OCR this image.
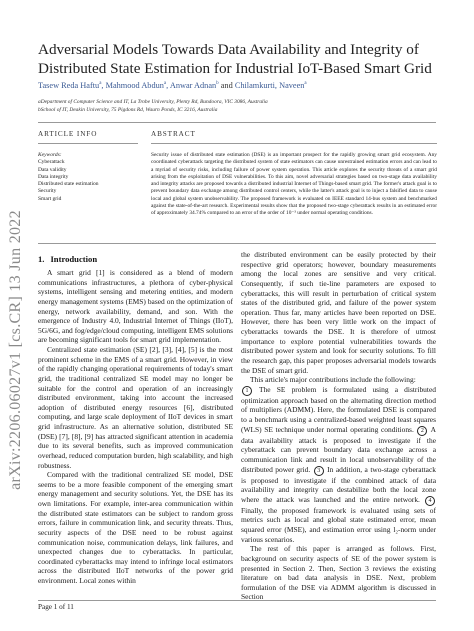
arXiv:2206.06027v1 [cs.CR] 13 Jun 2022
Adversarial Models Towards Data Availability and Integrity of Distributed State Estimation for Industrial IoT-Based Smart Grid
Tasew Reda Haftu$^a$, Mahmood Abdun$^a$, Anwar Adnan$^b$ and Chilamkurti, Naveen$^a$
aDepartment of Computer Science and IT, La Trobe University, Plenty Rd, Bundoora, VIC 3086, Australia
bSchool of IT, Deakin University, 75 Pigdons Rd, Waurn Ponds, IC 3216, Australia
ARTICLE INFO	ABSTRACT
Keywords:
Cyberattack
Data validity
Data integrity
Distributed state estimation
Security
Smart grid
Security issue of distributed state estimation (DSE) is an important prospect for the rapidly growing smart grid ecosystem. Any coordinated cyberattack targeting the distributed system of state estimators can cause unrestrained estimation errors and can lead to a myriad of security risks, including failure of power system operation. This article explores the security threats of a smart grid arising from the exploitation of DSE vulnerabilities. To this aim, novel adversarial strategies based on two-stage data availability and integrity attacks are proposed towards a distributed industrial Internet of Things-based smart grid. The former's attack goal is to prevent boundary data exchange among distributed control centers, while the latter's attack goal is to inject a falsified data to cause local and global system unobservability. The proposed framework is evaluated on IEEE standard 14-bus system and benchmarked against the state-of-the-art research. Experimental results show that the proposed two-stage cyberattack results in an estimated error of approximately 34.74% compared to an error of the order of 10⁻³ under normal operating conditions.
1. Introduction

A smart grid [1] is considered as a blend of modern communications infrastructures, a plethora of cyber-physical systems, intelligent sensing and metering entities, and modern energy management systems (EMS) based on the optimization of energy, network availability, demand, and son. With the emergence of Industry 4.0, Industrial Internet of Things (IIoT), 5G/6G, and fog/edge/cloud computing, intelligent EMS solutions are becoming significant tools for smart grid implementation.

Centralized state estimation (SE) [2], [3], [4], [5] is the most prominent scheme in the EMS of a smart grid. However, in view of the rapidly changing operational requirements of today's smart grid, the traditional centralized SE model may no longer be suitable for the control and operation of an increasingly distributed environment, taking into account the increased adoption of distributed energy resources [6], distributed computing, and large scale deployment of IIoT devices in smart grid infrastructure. As an alternative solution, distributed SE (DSE) [7], [8], [9] has attracted significant attention in academia due to its several benefits, such as improved communication overhead, reduced computation burden, high scalability, and high robustness.

Compared with the traditional centralized SE model, DSE seems to be a more feasible component of the emerging smart energy management and security solutions. Yet, the DSE has its own limitations. For example, inter-area communication within the distributed state estimators can be subject to random gross errors, failure in communication link, and security threats. Thus, security aspects of the DSE need to be robust against communication noise, communication delays, link failures, and unexpected changes due to cyberattacks. In particular, coordinated cyberattacks may intend to infringe local estimators across the distributed IIoT networks of the power grid environment. Local zones within

the distributed environment can be easily protected by their respective grid operators; however, boundary measurements among the local zones are sensitive and very critical. Consequently, if such tie-line parameters are exposed to cyberattacks, this will result in perturbation of critical system states of the distributed grid, and failure of the power system operation. Thus far, many articles have been reported on DSE. However, there has been very little work on the impact of cyberattacks towards the DSE. It is therefore of utmost importance to explore potential vulnerabilities towards the distributed power system and look for security solutions. To fill the research gap, this paper proposes adversarial models towards the DSE of smart grid.

This article's major contributions include the following:

1 The SE problem is formulated using a distributed optimization approach based on the alternating direction method of multipliers (ADMM). Here, the formulated DSE is compared to a benchmark using a centralized-based weighted least squares (WLS) SE technique under normal operating conditions. 2 A data availability attack is proposed to investigate if the cyberattack can prevent boundary data exchange across a communication link and result in local unobservability of the distributed power grid. 3 In addition, a two-stage cyberattack is proposed to investigate if the combined attack of data availability and integrity can destabilize both the local zone where the attack was launched and the entire network. 4 Finally, the proposed framework is evaluated using sets of metrics such as local and global state estimated error, mean squared error (MSE), and estimation error using l₂-norm under various scenarios.

The rest of this paper is arranged as follows. First, background on security aspects of SE of the power system is presented in Section 2. Then, Section 3 reviews the existing literature on bad data analysis in DSE. Next, problem formulation of the DSE via ADMM algorithm is discussed in Section

Page 1 of 11
